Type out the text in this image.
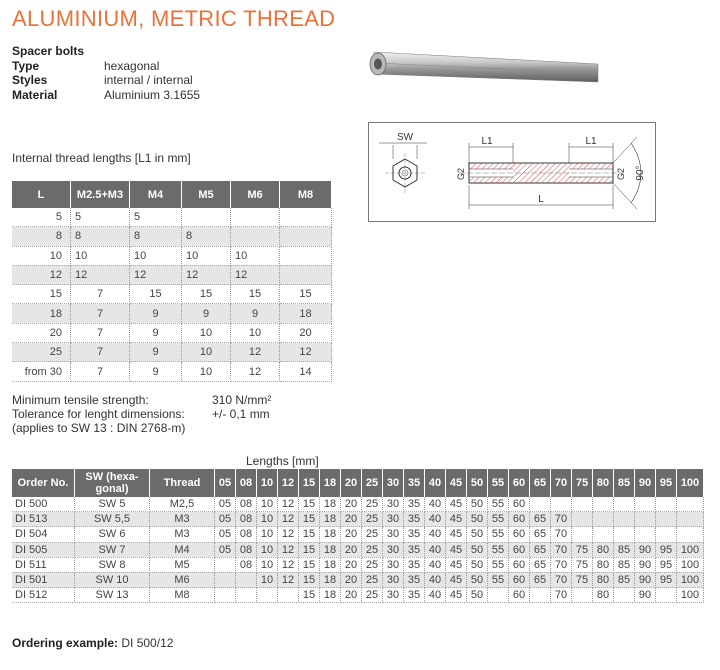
ALUMINIUM, METRIC THREAD
Spacer bolts
Type	hexagonal
Styles	internal / internal
Material	Aluminium 3.1655
SW	L1	L1
G2	G2
L
90°
Internal thread lengths [L1 in mm]
L	M2.5+M3	M4	M5	M6	M8
5	5	5			
8	8	8	8		
10	10	10	10	10	
12	12	12	12	12	
15	7	15	15	15	15
18	7	9	9	9	18
20	7	9	10	10	20
25	7	9	10	12	12
from 30	7	9	10	12	14
Minimum tensile strength:	310 N/mm²
Tolerance for lenght dimensions:	+/- 0,1 mm
(applies to SW 13 : DIN 2768-m)
Lengths [mm]
Order No.	SW (hexa-gonal)	Thread	05	08	10	12	15	18	20	25	30	35	40	45	50	55	60	65	70	75	80	85	90	95	100
DI 500	SW 5	M2,5	05	08	10	12	15	18	20	25	30	35	40	45	50	55	60								
DI 513	SW 5,5	M3	05	08	10	12	15	18	20	25	30	35	40	45	50	55	60	65	70						
DI 504	SW 6	M3	05	08	10	12	15	18	20	25	30	35	40	45	50	55	60	65	70						
DI 505	SW 7	M4	05	08	10	12	15	18	20	25	30	35	40	45	50	55	60	65	70	75	80	85	90	95	100
DI 511	SW 8	M5		08	10	12	15	18	20	25	30	35	40	45	50	55	60	65	70	75	80	85	90	95	100
DI 501	SW 10	M6			10	12	15	18	20	25	30	35	40	45	50	55	60	65	70	75	80	85	90	95	100
DI 512	SW 13	M8					15	18	20	25	30	35	40	45	50		60		70		80		90		100
Ordering example: DI 500/12
